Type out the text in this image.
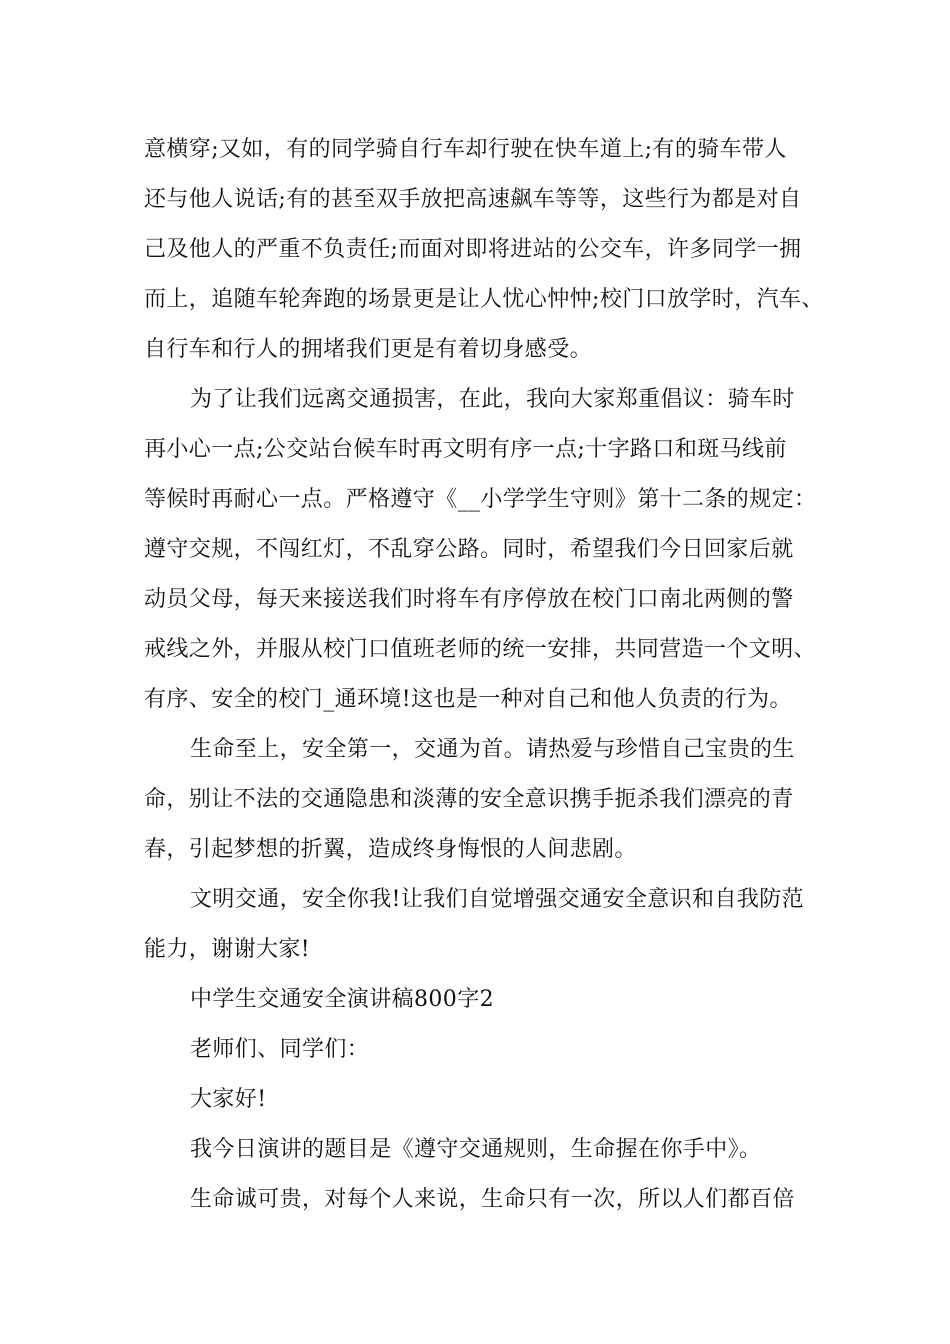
意横穿;又如，有的同学骑自行车却行驶在快车道上;有的骑车带人
还与他人说话;有的甚至双手放把高速飙车等等，这些行为都是对自
己及他人的严重不负责任;而面对即将进站的公交车，许多同学一拥
而上，追随车轮奔跑的场景更是让人忧心忡忡;校门口放学时，汽车、
自行车和行人的拥堵我们更是有着切身感受。
为了让我们远离交通损害，在此，我向大家郑重倡议：骑车时
再小心一点;公交站台候车时再文明有序一点;十字路口和斑马线前
等候时再耐心一点。严格遵守《__小学学生守则》第十二条的规定：
遵守交规，不闯红灯，不乱穿公路。同时，希望我们今日回家后就
动员父母，每天来接送我们时将车有序停放在校门口南北两侧的警
戒线之外，并服从校门口值班老师的统一安排，共同营造一个文明、
有序、安全的校门_通环境!这也是一种对自己和他人负责的行为。
生命至上，安全第一，交通为首。请热爱与珍惜自己宝贵的生
命，别让不法的交通隐患和淡薄的安全意识携手扼杀我们漂亮的青
春，引起梦想的折翼，造成终身悔恨的人间悲剧。
文明交通，安全你我!让我们自觉增强交通安全意识和自我防范
能力，谢谢大家!
中学生交通安全演讲稿800字2
老师们、同学们：
大家好!
我今日演讲的题目是《遵守交通规则，生命握在你手中》。
生命诚可贵，对每个人来说，生命只有一次，所以人们都百倍
